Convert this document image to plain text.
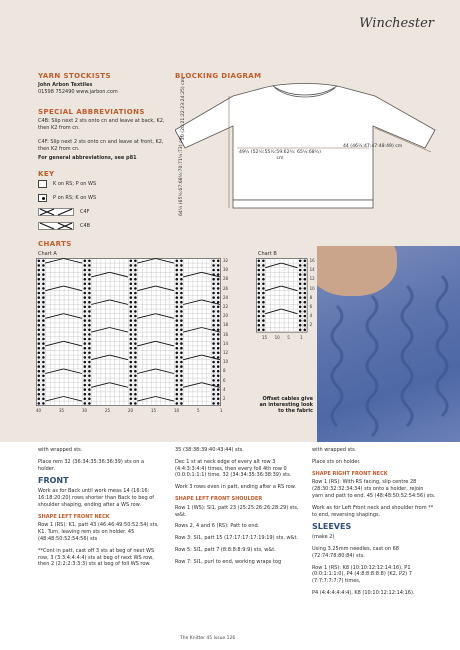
Winchester
YARN STOCKISTS
John Arbon Textiles
01598 752490 www.jarbon.com
SPECIAL ABBREVIATIONS
C4B: Slip next 2 sts onto cn and leave at back, K2, then K2 from cn.
C4F: Slip next 2 sts onto cn and leave at front, K2, then K2 from cn.
For general abbreviations, see p81
KEY
K on RS; P on WS
P on RS; K on WS
C4F
C4B
BLOCKING DIAGRAM
49½ (52½:55½:59:62¾: 65½:68¾) cm
44 (46¼:47:47:48:49) cm
64½ (65½:67:68½:70:71½:73) cm
20 (20:21:22:23:24:25) cm
CHARTS
Chart A	Chart B
40	35	30	25	20	15	10	5	1
32
30
28
26
24
22
20
18
16
14
12
10
8
6
4
2
15 10 5	1
16
14
12
10
8
6
4
2
Offset cables give
an interesting look
to the fabric

with wrapped sts.

Place rem 32 (36:34:35:36:36:39) sts on a holder.

FRONT

Work as for Back until work meas 14 (16:16: 16:18:20:20) rows shorter than Back to beg of shoulder shaping, ending after a WS row.

SHAPE LEFT FRONT NECK

Row 1 (RS): K1, patt 43 (46:46:49:50:52:54) sts, K1. Turn, leaving rem sts on holder. 45 (48:48:50:52:54:56) sts

**Cont in patt, cast off 3 sts at beg of next WS row, 3 (3:3:4:4:4:4) sts at beg of next WS row, then 2 (2:2:2:3:3:3) sts at beg of foll WS row.

35 (38:38:39:40:43:44) sts.

Dec 1 st at neck edge of every alt row 3 (4:4:3:3:4:4) times, then every foll 4th row 0 (0:0:0:1:1:1) time. 32 (34:34:35:36:38:39) sts.

Work 3 rows even in patt, ending after a RS row.

SHAPE LEFT FRONT SHOULDER

Row 1 (WS): Sl1, patt 23 (25:25:26:26:28:29) sts, w&t.

Rows 2, 4 and 6 (RS): Patt to end.

Row 3: Sl1, patt 15 (17:17:17:17:19:19) sts, w&t.

Row 5: Sl1, patt 7 (8:8:8:8:9:9) sts, w&t.

Row 7: Sl1, purl to end, working wraps tog

with wrapped sts.

Place sts on holder.

SHAPE RIGHT FRONT NECK

Row 1 (RS): With RS facing, slip centre 28 (28:30:32:32:34:34) sts onto a holder, rejoin yarn and patt to end. 45 (48:48:50:52:54:56) sts.

Work as for Left Front neck and shoulder from ** to end, reversing shapings.

SLEEVES

(make 2)

Using 3.25mm needles, cast on 68 (72:74:78:80:84) sts.

Row 1 (RS): K8 (10:10:12:12:14:16), P1 (0:0:1:1:1:0), P4 (4:8:8:8:8:8) (K2, P2) 7 (7:7:7:7:7:7) times,

P4 (4:4:4:4:4:4), K8 (10:10:12:12:14:16).

The Knitter 45 Issue 126
